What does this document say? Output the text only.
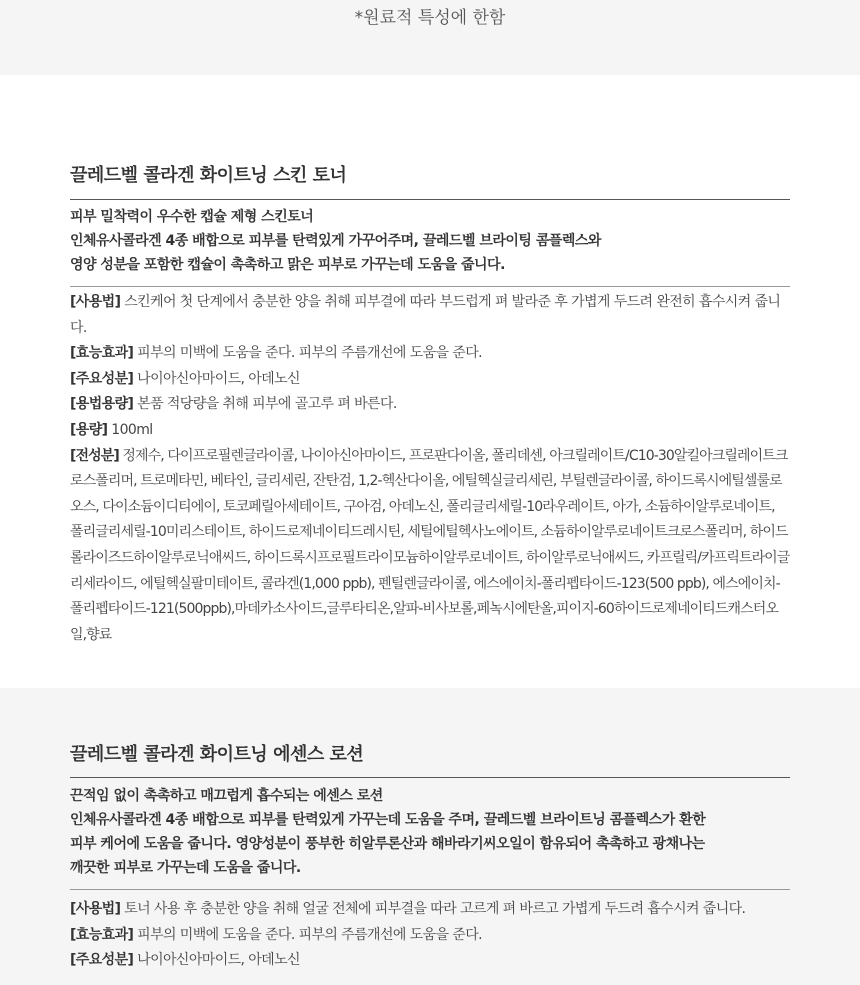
*원료적 특성에 한함
끌레드벨 콜라겐 화이트닝 스킨 토너

피부 밀착력이 우수한 캡슐 제형 스킨토너

인체유사콜라겐 4종 배합으로 피부를 탄력있게 가꾸어주며, 끌레드벨 브라이팅 콤플렉스와

영양 성분을 포함한 캡슐이 촉촉하고 맑은 피부로 가꾸는데 도움을 줍니다.

[사용법] 스킨케어 첫 단계에서 충분한 양을 취해 피부결에 따라 부드럽게 펴 발라준 후 가볍게 두드려 완전히 흡수시켜 줍니다.

[효능효과] 피부의 미백에 도움을 준다. 피부의 주름개선에 도움을 준다.

[주요성분] 나이아신아마이드, 아데노신

[용법용량] 본품 적당량을 취해 피부에 골고루 펴 바른다.

[용량] 100ml

[전성분] 정제수, 다이프로필렌글라이콜, 나이아신아마이드, 프로판다이올, 폴리데센, 아크릴레이트/C10-30알킬아크릴레이트크로스폴리머, 트로메타민, 베타인, 글리세린, 잔탄검, 1,2-헥산다이올, 에틸헥실글리세린, 부틸렌글라이콜, 하이드록시에틸셀룰로오스, 다이소듐이디티에이, 토코페릴아세테이트, 구아검, 아데노신, 폴리글리세릴-10라우레이트, 아가, 소듐하이알루로네이트, 폴리글리세릴-10미리스테이트, 하이드로제네이티드레시틴, 세틸에틸헥사노에이트, 소듐하이알루로네이트크로스폴리머, 하이드롤라이즈드하이알루로닉애씨드, 하이드록시프로필트라이모늄하이알루로네이트, 하이알루로닉애씨드, 카프릴릭/카프릭트라이글리세라이드, 에틸헥실팔미테이트, 콜라겐(1,000 ppb), 펜틸렌글라이콜, 에스에이치-폴리펩타이드-123(500 ppb), 에스에이치-폴리펩타이드-121(500ppb),마데카소사이드,글루타티온,알파-비사보롤,페녹시에탄올,피이지-60하이드로제네이티드캐스터오일,향료

끌레드벨 콜라겐 화이트닝 에센스 로션

끈적임 없이 촉촉하고 매끄럽게 흡수되는 에센스 로션

인체유사콜라겐 4종 배합으로 피부를 탄력있게 가꾸는데 도움을 주며, 끌레드벨 브라이트닝 콤플렉스가 환한

피부 케어에 도움을 줍니다. 영양성분이 풍부한 히알루론산과 해바라기씨오일이 함유되어 촉촉하고 광채나는

깨끗한 피부로 가꾸는데 도움을 줍니다.

[사용법] 토너 사용 후 충분한 양을 취해 얼굴 전체에 피부결을 따라 고르게 펴 바르고 가볍게 두드려 흡수시켜 줍니다.

[효능효과] 피부의 미백에 도움을 준다. 피부의 주름개선에 도움을 준다.

[주요성분] 나이아신아마이드, 아데노신
